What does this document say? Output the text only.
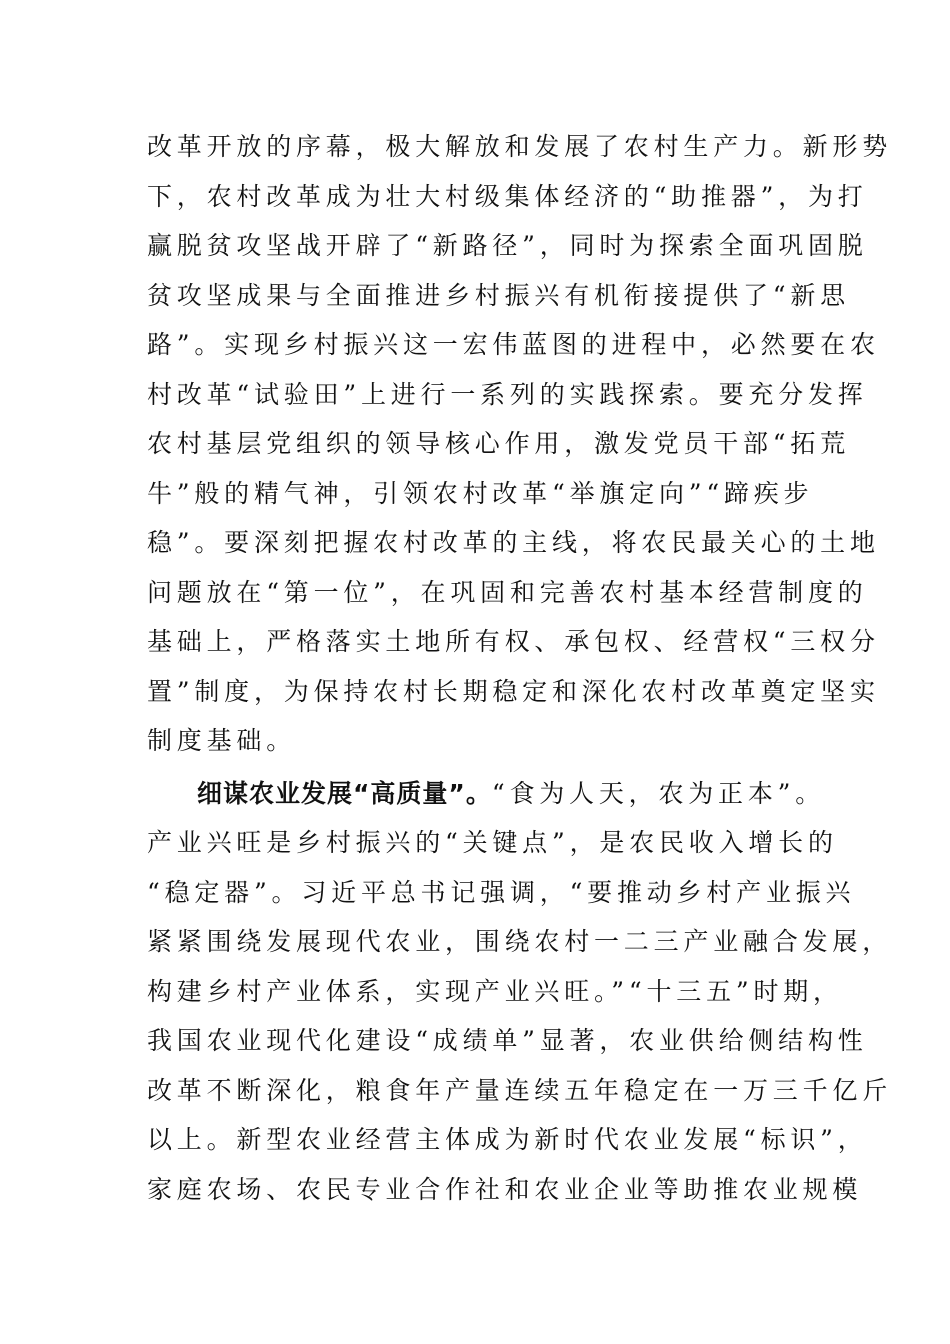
改革开放的序幕，极大解放和发展了农村生产力。新形势
下，农村改革成为壮大村级集体经济的“助推器”，为打
赢脱贫攻坚战开辟了“新路径”，同时为探索全面巩固脱
贫攻坚成果与全面推进乡村振兴有机衔接提供了“新思
路”。实现乡村振兴这一宏伟蓝图的进程中，必然要在农
村改革“试验田”上进行一系列的实践探索。要充分发挥
农村基层党组织的领导核心作用，激发党员干部“拓荒
牛”般的精气神，引领农村改革“举旗定向”“蹄疾步
稳”。要深刻把握农村改革的主线，将农民最关心的土地
问题放在“第一位”，在巩固和完善农村基本经营制度的
基础上，严格落实土地所有权、承包权、经营权“三权分
置”制度，为保持农村长期稳定和深化农村改革奠定坚实
制度基础。
细谋农业发展“高质量”。“食为人天，农为正本”。
产业兴旺是乡村振兴的“关键点”，是农民收入增长的
“稳定器”。习近平总书记强调，“要推动乡村产业振兴
紧紧围绕发展现代农业，围绕农村一二三产业融合发展，
构建乡村产业体系，实现产业兴旺。”“十三五”时期，
我国农业现代化建设“成绩单”显著，农业供给侧结构性
改革不断深化，粮食年产量连续五年稳定在一万三千亿斤
以上。新型农业经营主体成为新时代农业发展“标识”，
家庭农场、农民专业合作社和农业企业等助推农业规模
